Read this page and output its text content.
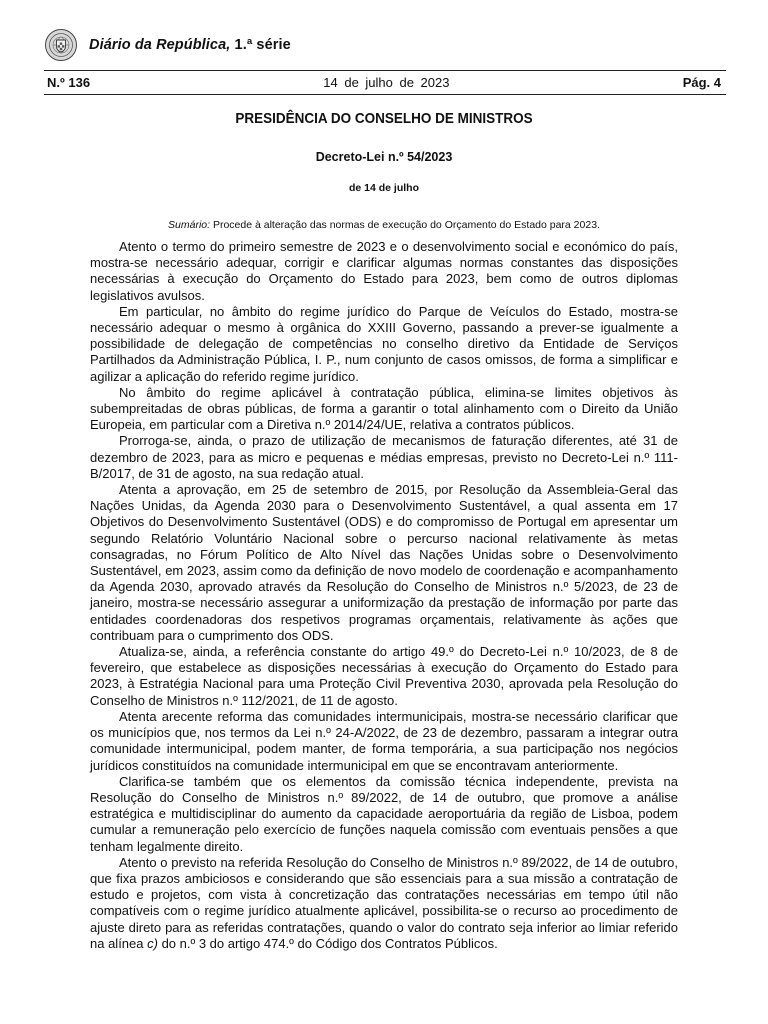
Diário da República, 1.ª série
N.º 136	14 de julho de 2023	Pág. 4
PRESIDÊNCIA DO CONSELHO DE MINISTROS
Decreto-Lei n.º 54/2023
de 14 de julho
Sumário: Procede à alteração das normas de execução do Orçamento do Estado para 2023.

Atento o termo do primeiro semestre de 2023 e o desenvolvimento social e económico do país, mostra-se necessário adequar, corrigir e clarificar algumas normas constantes das disposições necessárias à execução do Orçamento do Estado para 2023, bem como de outros diplomas legislativos avulsos.

Em particular, no âmbito do regime jurídico do Parque de Veículos do Estado, mostra-se necessário adequar o mesmo à orgânica do XXIII Governo, passando a prever-se igualmente a possibilidade de delegação de competências no conselho diretivo da Entidade de Serviços Partilhados da Administração Pública, I. P., num conjunto de casos omissos, de forma a simplificar e agilizar a aplicação do referido regime jurídico.

No âmbito do regime aplicável à contratação pública, elimina-se limites objetivos às subempreitadas de obras públicas, de forma a garantir o total alinhamento com o Direito da União Europeia, em particular com a Diretiva n.º 2014/24/UE, relativa a contratos públicos.

Prorroga-se, ainda, o prazo de utilização de mecanismos de faturação diferentes, até 31 de dezembro de 2023, para as micro e pequenas e médias empresas, previsto no Decreto-Lei n.º 111-B/2017, de 31 de agosto, na sua redação atual.

Atenta a aprovação, em 25 de setembro de 2015, por Resolução da Assembleia-Geral das Nações Unidas, da Agenda 2030 para o Desenvolvimento Sustentável, a qual assenta em 17 Objetivos do Desenvolvimento Sustentável (ODS) e do compromisso de Portugal em apresentar um segundo Relatório Voluntário Nacional sobre o percurso nacional relativamente às metas consagradas, no Fórum Político de Alto Nível das Nações Unidas sobre o Desenvolvimento Sustentável, em 2023, assim como da definição de novo modelo de coordenação e acompanhamento da Agenda 2030, aprovado através da Resolução do Conselho de Ministros n.º 5/2023, de 23 de janeiro, mostra-se necessário assegurar a uniformização da prestação de informação por parte das entidades coordenadoras dos respetivos programas orçamentais, relativamente às ações que contribuam para o cumprimento dos ODS.

Atualiza-se, ainda, a referência constante do artigo 49.º do Decreto-Lei n.º 10/2023, de 8 de fevereiro, que estabelece as disposições necessárias à execução do Orçamento do Estado para 2023, à Estratégia Nacional para uma Proteção Civil Preventiva 2030, aprovada pela Resolução do Conselho de Ministros n.º 112/2021, de 11 de agosto.

Atenta arecente reforma das comunidades intermunicipais, mostra-se necessário clarificar que os municípios que, nos termos da Lei n.º 24-A/2022, de 23 de dezembro, passaram a integrar outra comunidade intermunicipal, podem manter, de forma temporária, a sua participação nos negócios jurídicos constituídos na comunidade intermunicipal em que se encontravam anteriormente.

Clarifica-se também que os elementos da comissão técnica independente, prevista na Resolução do Conselho de Ministros n.º 89/2022, de 14 de outubro, que promove a análise estratégica e multidisciplinar do aumento da capacidade aeroportuária da região de Lisboa, podem cumular a remuneração pelo exercício de funções naquela comissão com eventuais pensões a que tenham legalmente direito.

Atento o previsto na referida Resolução do Conselho de Ministros n.º 89/2022, de 14 de outubro, que fixa prazos ambiciosos e considerando que são essenciais para a sua missão a contratação de estudo e projetos, com vista à concretização das contratações necessárias em tempo útil não compatíveis com o regime jurídico atualmente aplicável, possibilita-se o recurso ao procedimento de ajuste direto para as referidas contratações, quando o valor do contrato seja inferior ao limiar referido na alínea c) do n.º 3 do artigo 474.º do Código dos Contratos Públicos.
